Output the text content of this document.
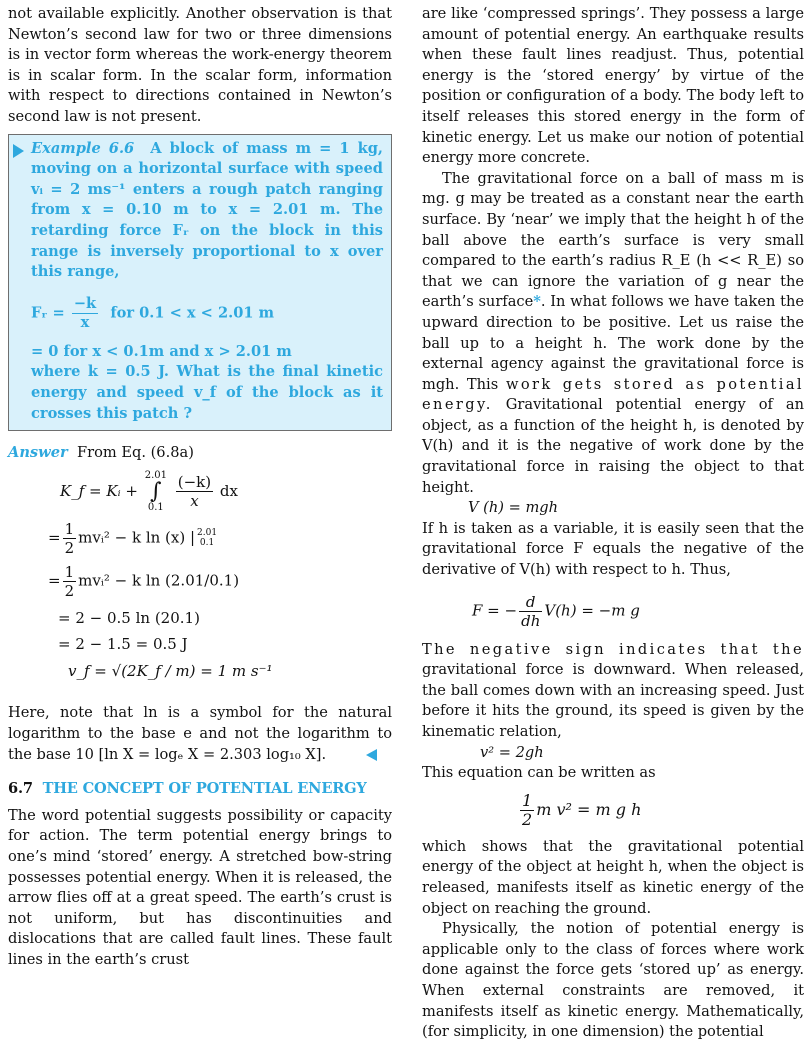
not available explicitly. Another observation is that Newton’s second law for two or three dimensions is in vector form whereas the work-energy theorem is in scalar form. In the scalar form, information with respect to directions contained in Newton’s second law is not present.

Example 6.6 A block of mass m = 1 kg, moving on a horizontal surface with speed vᵢ = 2 ms⁻¹ enters a rough patch ranging from x = 0.10 m to x = 2.01 m. The retarding force Fᵣ on the block in this range is inversely proportional to x over this range,

Fᵣ = $\frac{-k}{x}$ for 0.1 < x < 2.01 m

= 0 for x < 0.1m and x > 2.01 m

where k = 0.5 J. What is the final kinetic energy and speed v_f of the block as it crosses this patch ?

Answer From Eq. (6.8a)

K_f = Kᵢ +
2.01
∫
0.1
$\frac{(-k)}{x}$ dx
= $\frac{1}{2}$ mvᵢ² − k ln (x) | 2.01
0.1
= $\frac{1}{2}$ mvᵢ² − k ln (2.01/0.1)
= 2 − 0.5 ln (20.1)
= 2 − 1.5 = 0.5 J
v_f = √(2K_f / m) = 1 m s⁻¹

Here, note that ln is a symbol for the natural logarithm to the base e and not the logarithm to the base 10 [ln X = logₑ X = 2.303 log₁₀ X].

6.7 THE CONCEPT OF POTENTIAL ENERGY

The word potential suggests possibility or capacity for action. The term potential energy brings to one’s mind ‘stored’ energy. A stretched bow-string possesses potential energy. When it is released, the arrow flies off at a great speed. The earth’s crust is not uniform, but has discontinuities and dislocations that are called fault lines. These fault lines in the earth’s crust

are like ‘compressed springs’. They possess a large amount of potential energy. An earthquake results when these fault lines readjust. Thus, potential energy is the ‘stored energy’ by virtue of the position or configuration of a body. The body left to itself releases this stored energy in the form of kinetic energy. Let us make our notion of potential energy more concrete.

The gravitational force on a ball of mass m is mg. g may be treated as a constant near the earth surface. By ‘near’ we imply that the height h of the ball above the earth’s surface is very small compared to the earth’s radius R_E (h << R_E) so that we can ignore the variation of g near the earth’s surface*. In what follows we have taken the upward direction to be positive. Let us raise the ball up to a height h. The work done by the external agency against the gravitational force is mgh. This work gets stored as potential energy. Gravitational potential energy of an object, as a function of the height h, is denoted by V(h) and it is the negative of work done by the gravitational force in raising the object to that height.

V (h) = mgh

If h is taken as a variable, it is easily seen that the gravitational force F equals the negative of the derivative of V(h) with respect to h. Thus,

F = − $\frac{d}{dh} V(h) = -m$ g

The negative sign indicates that the gravitational force is downward. When released, the ball comes down with an increasing speed. Just before it hits the ground, its speed is given by the kinematic relation,

v² = 2gh

This equation can be written as

$\frac{1}{2}$ m v² = m g h

which shows that the gravitational potential energy of the object at height h, when the object is released, manifests itself as kinetic energy of the object on reaching the ground.

Physically, the notion of potential energy is applicable only to the class of forces where work done against the force gets ‘stored up’ as energy. When external constraints are removed, it manifests itself as kinetic energy. Mathematically, (for simplicity, in one dimension) the potential
